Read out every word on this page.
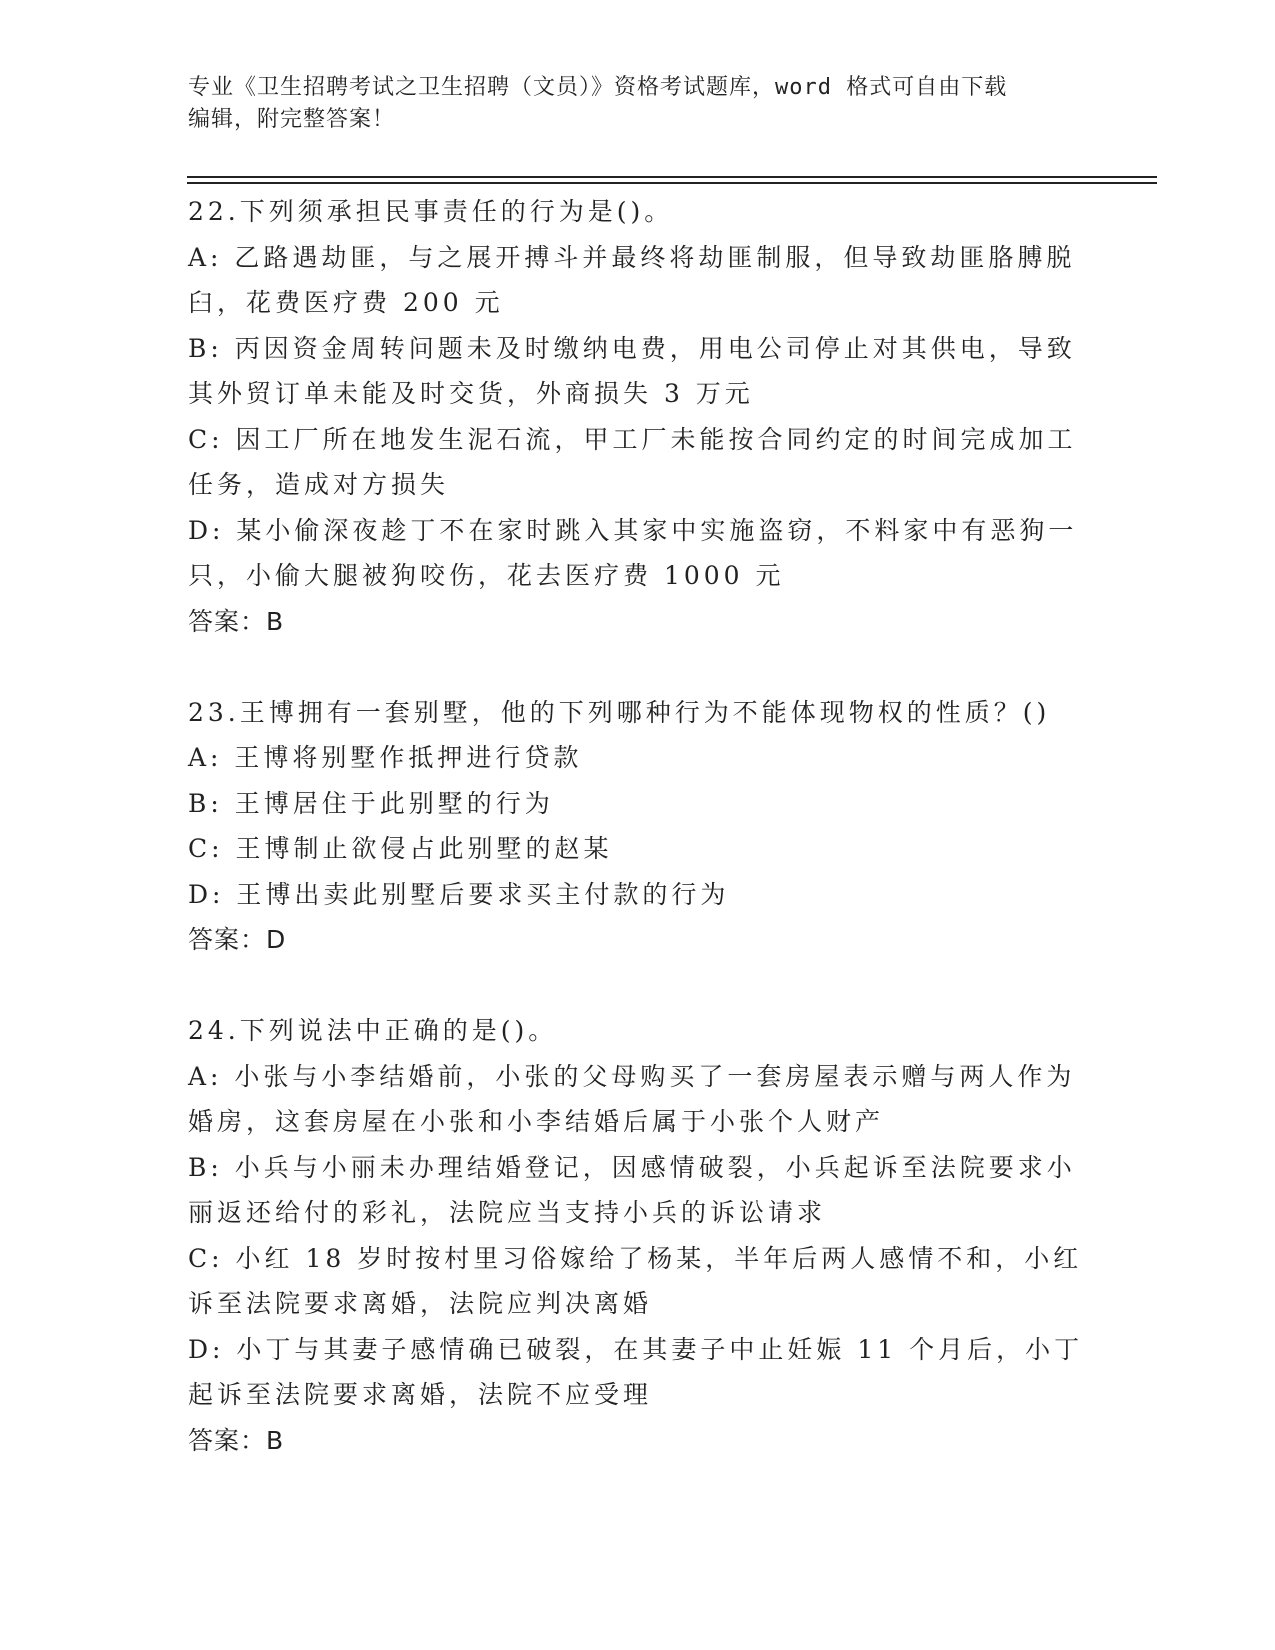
专业《卫生招聘考试之卫生招聘（文员）》资格考试题库，word 格式可自由下载
编辑，附完整答案！
22.下列须承担民事责任的行为是()。
A: 乙路遇劫匪，与之展开搏斗并最终将劫匪制服，但导致劫匪胳膊脱
臼，花费医疗费 200 元
B: 丙因资金周转问题未及时缴纳电费，用电公司停止对其供电，导致
其外贸订单未能及时交货，外商损失 3 万元
C: 因工厂所在地发生泥石流，甲工厂未能按合同约定的时间完成加工
任务，造成对方损失
D: 某小偷深夜趁丁不在家时跳入其家中实施盗窃，不料家中有恶狗一
只，小偷大腿被狗咬伤，花去医疗费 1000 元
答案：B
23.王博拥有一套别墅，他的下列哪种行为不能体现物权的性质？()
A: 王博将别墅作抵押进行贷款
B: 王博居住于此别墅的行为
C: 王博制止欲侵占此别墅的赵某
D: 王博出卖此别墅后要求买主付款的行为
答案：D
24.下列说法中正确的是()。
A: 小张与小李结婚前，小张的父母购买了一套房屋表示赠与两人作为
婚房，这套房屋在小张和小李结婚后属于小张个人财产
B: 小兵与小丽未办理结婚登记，因感情破裂，小兵起诉至法院要求小
丽返还给付的彩礼，法院应当支持小兵的诉讼请求
C: 小红 18 岁时按村里习俗嫁给了杨某，半年后两人感情不和，小红
诉至法院要求离婚，法院应判决离婚
D: 小丁与其妻子感情确已破裂，在其妻子中止妊娠 11 个月后，小丁
起诉至法院要求离婚，法院不应受理
答案：B
